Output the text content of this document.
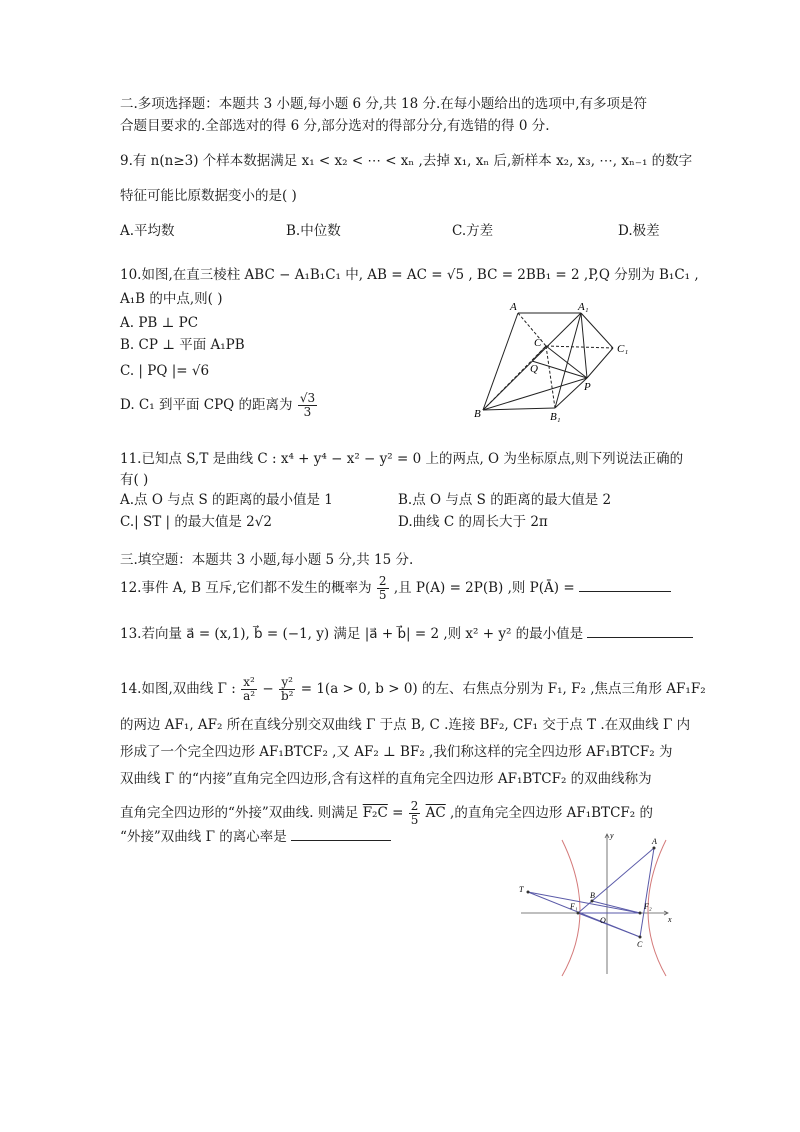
二.多项选择题：本题共 3 小题,每小题 6 分,共 18 分.在每小题给出的选项中,有多项是符
合题目要求的.全部选对的得 6 分,部分选对的得部分分,有选错的得 0 分.
9.有 n(n≥3) 个样本数据满足 x₁ < x₂ < ⋯ < xₙ ,去掉 x₁, xₙ 后,新样本 x₂, x₃, ⋯, xₙ₋₁ 的数字
特征可能比原数据变小的是( )
A.平均数	B.中位数	C.方差	D.极差
10.如图,在直三棱柱 ABC − A₁B₁C₁ 中, AB = AC = √5 , BC = 2BB₁ = 2 ,P,Q 分别为 B₁C₁ ,
A₁B 的中点,则( )
A. PB ⊥ PC
B. CP ⊥ 平面 A₁PB
C. | PQ |= √6
D. C₁ 到平面 CPQ 的距离为 $\frac{√3}{3}$
A	A₁
C	C₁
Q
P
B	B₁
11.已知点 S,T 是曲线 C : x⁴ + y⁴ − x² − y² = 0 上的两点, O 为坐标原点,则下列说法正确的
有( )
A.点 O 与点 S 的距离的最小值是 1	B.点 O 与点 S 的距离的最大值是 2
C.| ST | 的最大值是 2√2	D.曲线 C 的周长大于 2π
三.填空题：本题共 3 小题,每小题 5 分,共 15 分.
12.事件 A, B 互斥,它们都不发生的概率为 $\frac{2}{5}$ ,且 P(A) = 2P(B) ,则 P(Ā) =
13.若向量 a⃗ = (x,1), b⃗ = (−1, y) 满足 |a⃗ + b⃗| = 2 ,则 x² + y² 的最小值是
14.如图,双曲线 Γ : $\frac{\text{x²}}{\text{a²}} - \frac{\text{y²}}{\text{b²}} = 1(a > 0$, b > 0) 的左、右焦点分别为 F₁, F₂ ,焦点三角形 AF₁F₂
的两边 AF₁, AF₂ 所在直线分别交双曲线 Γ 于点 B, C .连接 BF₂, CF₁ 交于点 T .在双曲线 Γ 内
形成了一个完全四边形 AF₁BTCF₂ ,又 AF₂ ⊥ BF₂ ,我们称这样的完全四边形 AF₁BTCF₂ 为
双曲线 Γ 的“内接”直角完全四边形,含有这样的直角完全四边形 AF₁BTCF₂ 的双曲线称为
直角完全四边形的“外接”双曲线. 则满足 $F_2C = \frac{2}{5} \overline{AC}$ ,的直角完全四边形 AF₁BTCF₂ 的
“外接”双曲线 Γ 的离心率是	A
B
C
T
F₁	F₂
O	x
y
